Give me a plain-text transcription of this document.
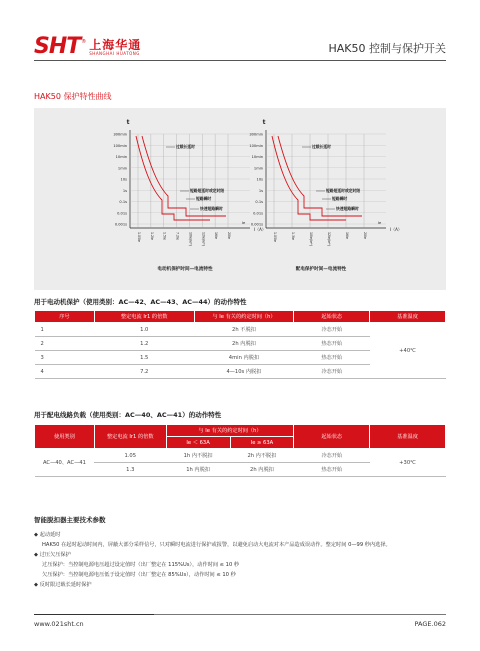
SHT ® 上海华通
SHANGHAI HUATONG	HAK50 控制与保护开关
HAK50 保护特性曲线
t
I（A）
300min
100min
10min
1min
10s
1s
0.1s
0.01s
0.001s
1.05Ie	1.2Ie	1.5Ie	7.2Ie	10Ie(Ie*)	12Ie(Ie*)	16Ie	20Ie
Ie
过载长延时
短路短延时或定时限
短路瞬时
快速短路瞬时
电动机保护时间—电流特性
t
I（A）
300min
100min
10min
1min
10s
1s
0.1s
0.01s
0.001s
1.05Ie	1.3Ie	10Ie(Ie*)	12Ie(Ie*)	16Ie	20Ie
Ie
过载长延时
短路短延时或定时限
短路瞬时
快速短路瞬时
配电保护时间—电流特性
用于电动机保护（使用类别：AC—42、AC—43、AC—44）的动作特性
序号	整定电流 Ir1 的倍数	与 Ie 有关的约定时间（h）	起始状态	基准温度
1	1.0	2h 不脱扣	冷态开始	+40℃
2	1.2	2h 内脱扣	热态开始	
3	1.5	4min 内脱扣	热态开始	
4	7.2	4—10s 内脱扣	冷态开始	
用于配电线路负载（使用类别：AC—40、AC—41）的动作特性
使用类别	整定电流 Ir1 的倍数	与 Ie 有关的约定时间（h）		起始状态	基准温度
		Ie ＜ 63A	Ie ≥ 63A		
AC—40、AC—41	1.05	1h 内不脱扣	2h 内不脱扣	冷态开始	+30℃
	1.3	1h 内脱扣	2h 内脱扣	热态开始	
智能脱扣器主要技术参数
◆ 起动延时
HAK50 在起时起动时间内，屏蔽大部分采样信号，只对瞬时电流进行保护或报警，以避免启动大电流对本产品造成误动作。整定时间 0—99 秒内选择。
◆ 过压欠压保护
过压保护：当控制电源电压超过设定值时（出厂整定在 115%Us），动作时间 ≤ 10 秒
欠压保护：当控制电源电压低于设定值时（出厂整定在 85%Us），动作时间 ≤ 10 秒
◆ 反时限过载长延时保护
www.021sht.cn	PAGE.062
